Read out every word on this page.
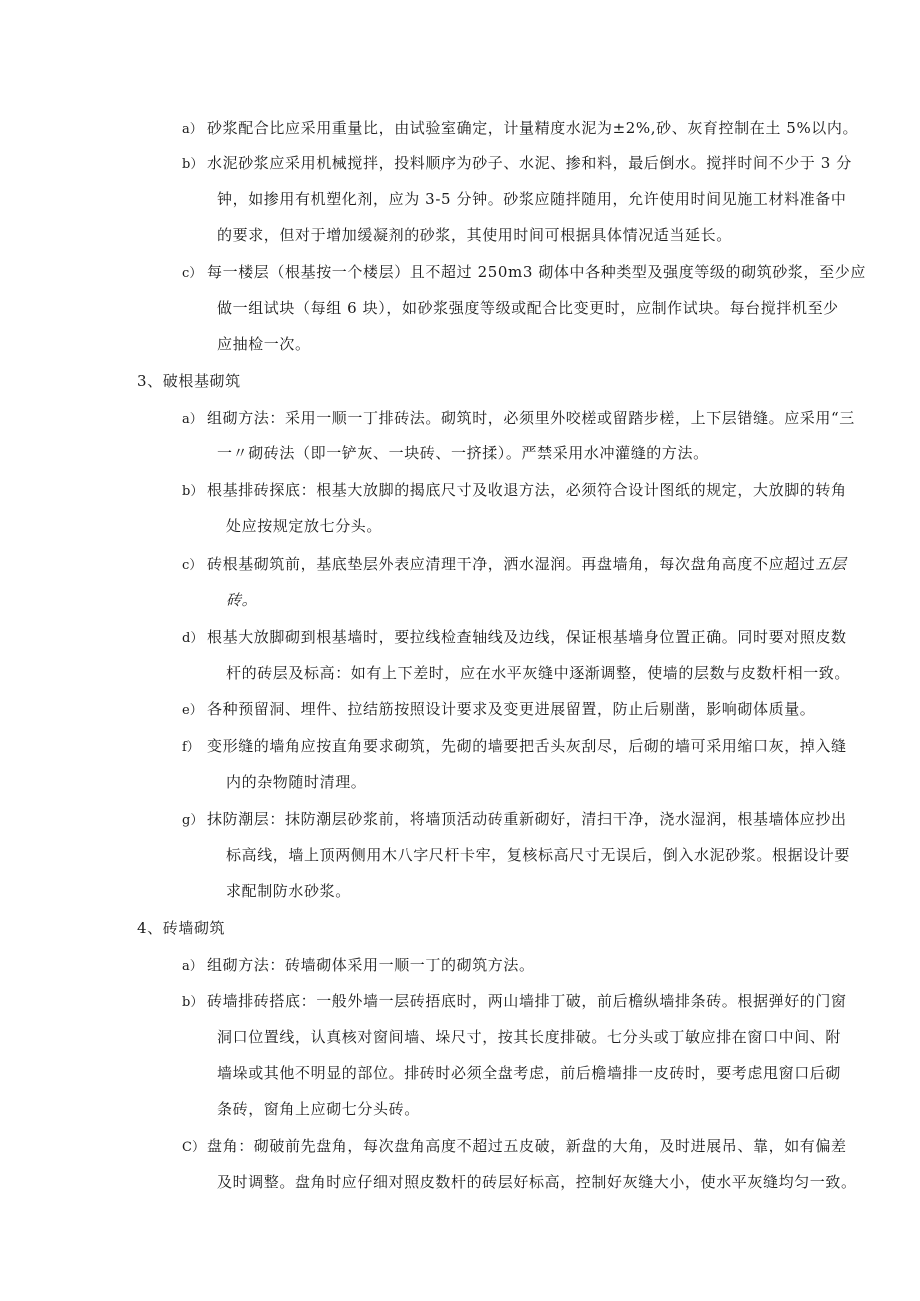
a） 砂浆配合比应采用重量比，由试验室确定，计量精度水泥为±2%,砂、灰育控制在土 5%以内。
b） 水泥砂浆应采用机械搅拌，投料顺序为砂子、水泥、掺和料，最后倒水。搅拌时间不少于 3 分
钟，如掺用有机塑化剂，应为 3-5 分钟。砂浆应随拌随用，允许使用时间见施工材料准备中
的要求，但对于增加缓凝剂的砂浆，其使用时间可根据具体情况适当延长。
c） 每一楼层（根基按一个楼层）且不超过 250m3 砌体中各种类型及强度等级的砌筑砂浆，至少应
做一组试块（每组 6 块），如砂浆强度等级或配合比变更时，应制作试块。每台搅拌机至少
应抽检一次。
3、破根基砌筑
a） 组砌方法：采用一顺一丁排砖法。砌筑时，必须里外咬槎或留踏步槎，上下层错缝。应采用“三
一〃砌砖法（即一铲灰、一块砖、一挤揉）。严禁采用水冲灌缝的方法。
b） 根基排砖探底：根基大放脚的揭底尺寸及收退方法，必须符合设计图纸的规定，大放脚的转角
处应按规定放七分头。
c） 砖根基砌筑前，基底垫层外表应清理干净，洒水湿润。再盘墙角，每次盘角高度不应超过五层
砖。
d） 根基大放脚砌到根基墙时，要拉线检查轴线及边线，保证根基墙身位置正确。同时要对照皮数
杆的砖层及标高：如有上下差时，应在水平灰缝中逐渐调整，使墙的层数与皮数杆相一致。
e） 各种预留洞、埋件、拉结筋按照设计要求及变更进展留置，防止后剔凿，影响砌体质量。
f） 变形缝的墙角应按直角要求砌筑，先砌的墙要把舌头灰刮尽，后砌的墙可采用缩口灰，掉入缝
内的杂物随时清理。
g） 抹防潮层：抹防潮层砂浆前，将墙顶活动砖重新砌好，清扫干净，浇水湿润，根基墙体应抄出
标高线，墙上顶两侧用木八字尺杆卡牢，复核标高尺寸无误后，倒入水泥砂浆。根据设计要
求配制防水砂浆。
4、砖墙砌筑
a） 组砌方法：砖墙砌体采用一顺一丁的砌筑方法。
b） 砖墙排砖搭底：一般外墙一层砖捂底时，两山墙排丁破，前后檐纵墙排条砖。根据弹好的门窗
洞口位置线，认真核对窗间墙、垛尺寸，按其长度排破。七分头或丁敏应排在窗口中间、附
墙垛或其他不明显的部位。排砖时必须全盘考虑，前后檐墙排一皮砖时，要考虑甩窗口后砌
条砖，窗角上应砌七分头砖。
C） 盘角：砌破前先盘角，每次盘角高度不超过五皮破，新盘的大角，及时进展吊、靠，如有偏差
及时调整。盘角时应仔细对照皮数杆的砖层好标高，控制好灰缝大小，使水平灰缝均匀一致。
